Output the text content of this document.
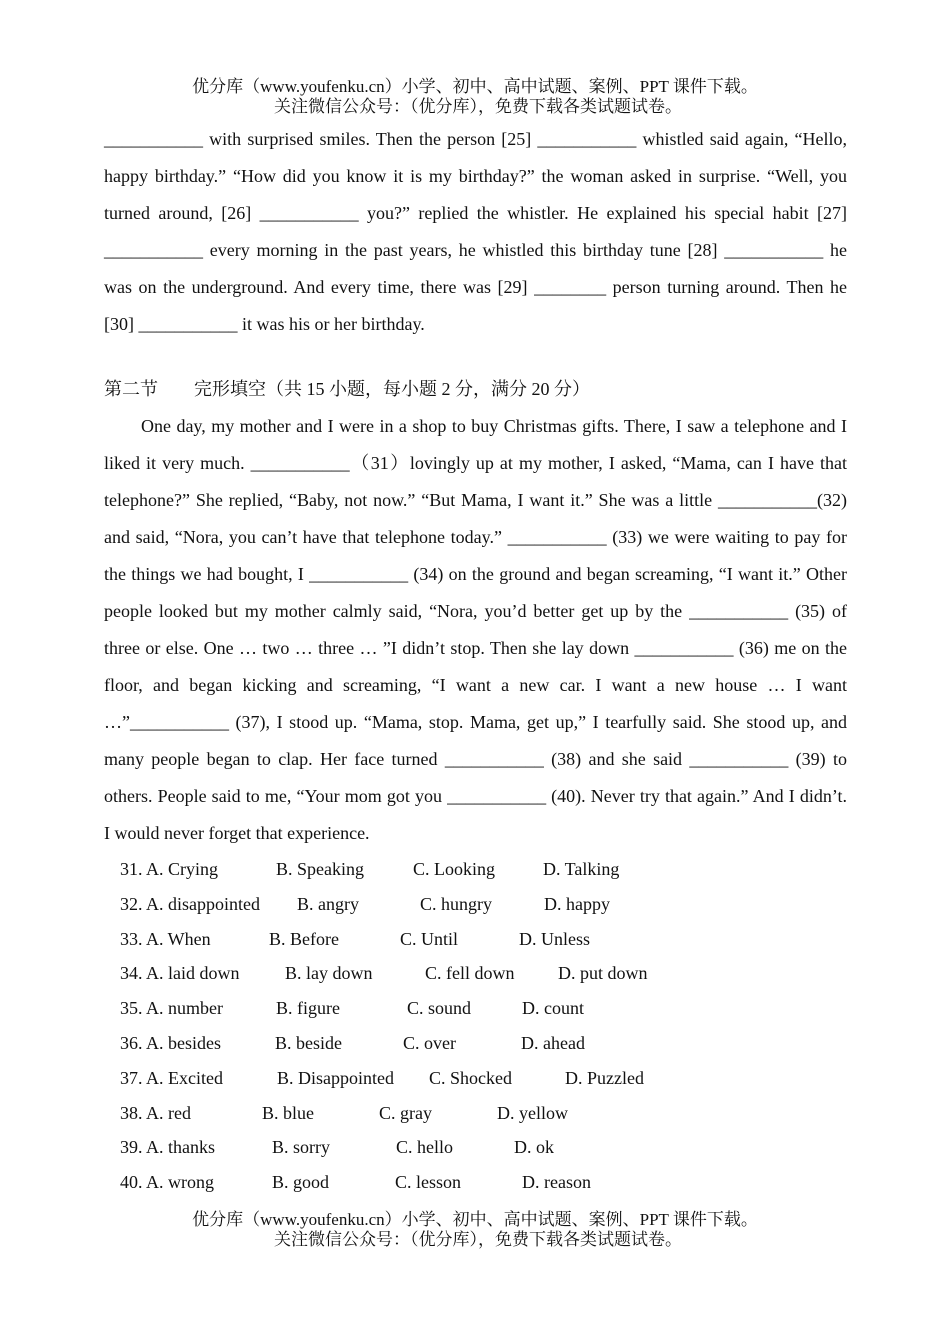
优分库（www.youfenku.cn）小学、初中、高中试题、案例、PPT 课件下载。
关注微信公众号：（优分库），免费下载各类试题试卷。

___________ with surprised smiles. Then the person [25] ___________ whistled said again, “Hello, happy birthday.” “How did you know it is my birthday?” the woman asked in surprise. “Well, you turned around, [26] ___________ you?” replied the whistler. He explained his special habit [27] ___________ every morning in the past years, he whistled this birthday tune [28] ___________ he was on the underground. And every time, there was [29] ________ person turning around. Then he [30] ___________ it was his or her birthday.

第二节　　完形填空（共 15 小题，每小题 2 分，满分 20 分）

One day, my mother and I were in a shop to buy Christmas gifts. There, I saw a telephone and I liked it very much. ___________（31）lovingly up at my mother, I asked, “Mama, can I have that telephone?” She replied, “Baby, not now.” “But Mama, I want it.” She was a little ___________(32) and said, “Nora, you can’t have that telephone today.” ___________ (33) we were waiting to pay for the things we had bought, I ___________ (34) on the ground and began screaming, “I want it.” Other people looked but my mother calmly said, “Nora, you’d better get up by the ___________ (35) of three or else. One … two … three … ”I didn’t stop. Then she lay down ___________ (36) me on the floor, and began kicking and screaming, “I want a new car. I want a new house … I want …”___________ (37), I stood up. “Mama, stop. Mama, get up,” I tearfully said. She stood up, and many people began to clap. Her face turned ___________ (38) and she said ___________ (39) to others. People said to me, “Your mom got you ___________ (40). Never try that again.” And I didn’t. I would never forget that experience.

31. A. Crying	B. Speaking	C. Looking	D. Talking
32. A. disappointed B. angry	C. hungry	D. happy
33. A. When	B. Before	C. Until	D. Unless
34. A. laid down	B. lay down	C. fell down D. put down
35. A. number	B. figure	C. sound	D. count
36. A. besides	B. beside	C. over	D. ahead
37. A. Excited	B. Disappointed C. Shocked	D. Puzzled
38. A. red	B. blue	C. gray	D. yellow
39. A. thanks	B. sorry	C. hello	D. ok
40. A. wrong	B. good	C. lesson	D. reason
优分库（www.youfenku.cn）小学、初中、高中试题、案例、PPT 课件下载。
关注微信公众号：（优分库），免费下载各类试题试卷。
